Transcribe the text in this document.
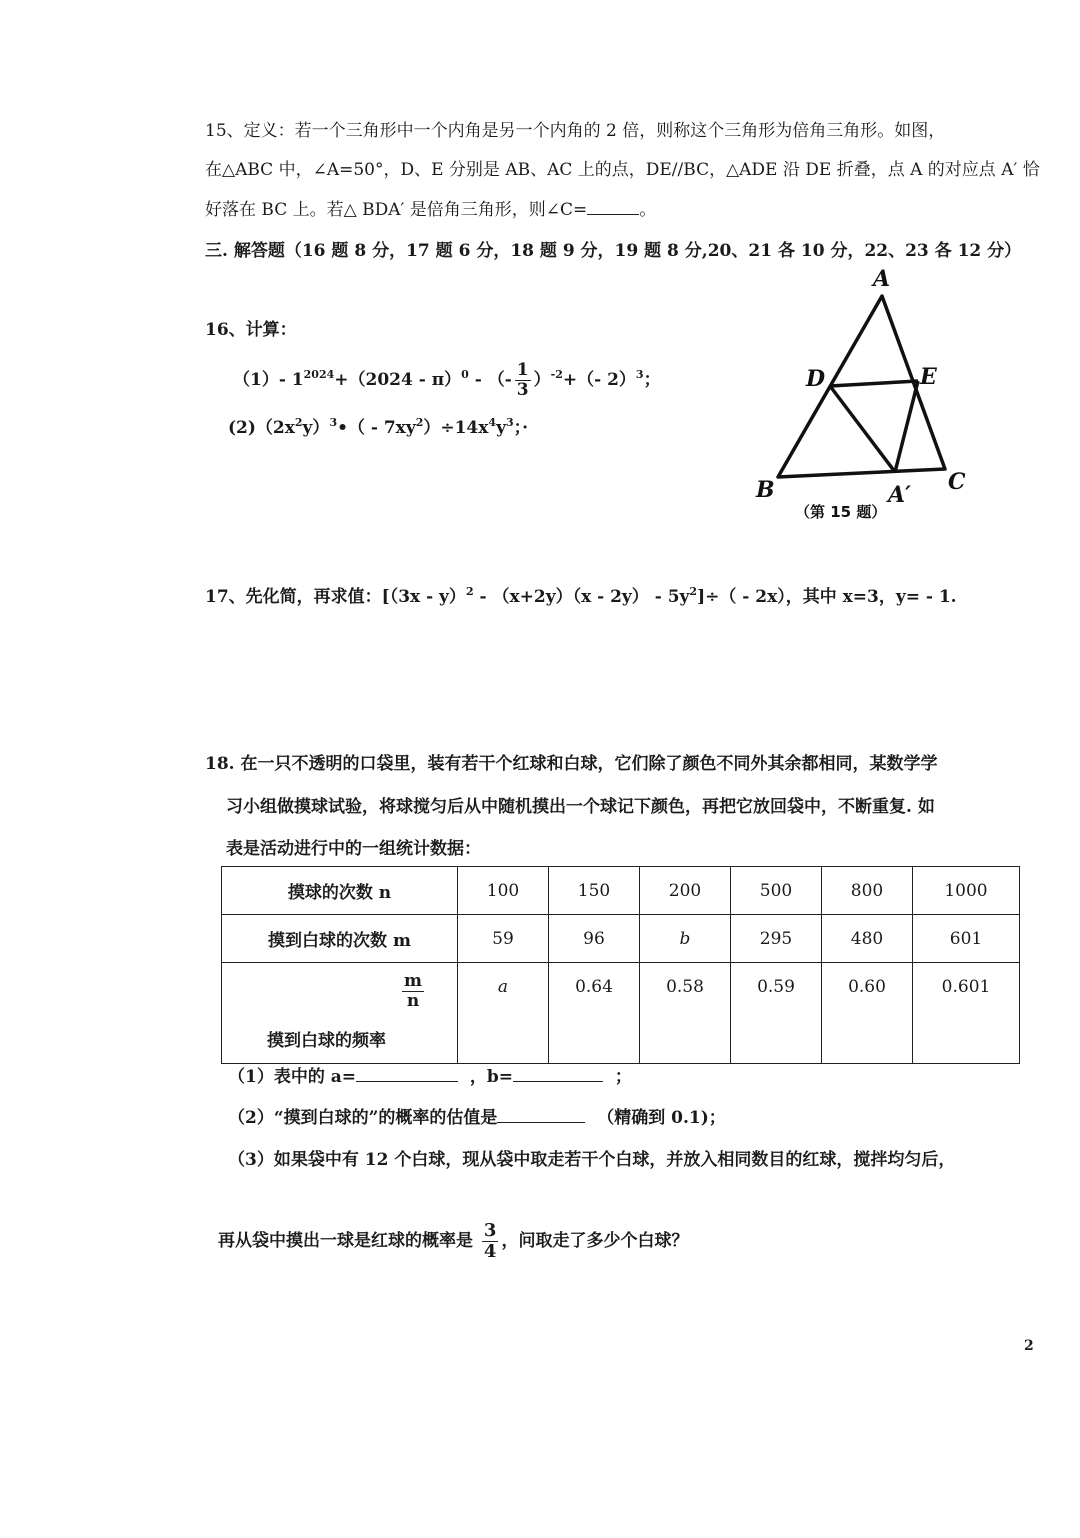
15、定义：若一个三角形中一个内角是另一个内角的 2 倍，则称这个三角形为倍角三角形。如图，
在△ABC 中，∠A=50°，D、E 分别是 AB、AC 上的点，DE//BC，△ADE 沿 DE 折叠，点 A 的对应点 A′ 恰
好落在 BC 上。若△ BDA′ 是倍角三角形，则∠C=	。
三. 解答题（16 题 8 分，17 题 6 分，18 题 9 分，19 题 8 分,20、21 各 10 分，22、23 各 12 分）
16、计算：
（1）- $1^{2024}+(2024 - \pi)^0$ - （- $\frac{1}{3} )^{-2}+(-$ 2）$^3$；
$(2)(2x^2y)^3•( - 7xy^2)\div 14x^4y^3$；·
A
D	E
B	C
A′
（第 15 题）
17、先化简，再求值：$[(3x - y)^2 - (x+2y)(x - 2y) - 5y^2]\div( - 2x)$，其中 x=3，y= - 1.
18. 在一只不透明的口袋里，装有若干个红球和白球，它们除了颜色不同外其余都相同，某数学学
习小组做摸球试验，将球搅匀后从中随机摸出一个球记下颜色，再把它放回袋中，不断重复. 如
表是活动进行中的一组统计数据：
摸球的次数 n	100	150	200	500	800	1000
摸到白球的次数 m	59	96	b	295	480	601

$\frac{m}{n}$
摸到白球的频率	a	0.64	0.58	0.59	0.60	0.601
（1）表中的 a=	，b=	；
（2）“摸到白球的”的概率的估值是	（精确到 0.1)；
（3）如果袋中有 12 个白球，现从袋中取走若干个白球，并放入相同数目的红球，搅拌均匀后，
再从袋中摸出一球是红球的概率是 $\frac{3}{4}$ ，问取走了多少个白球？
2
